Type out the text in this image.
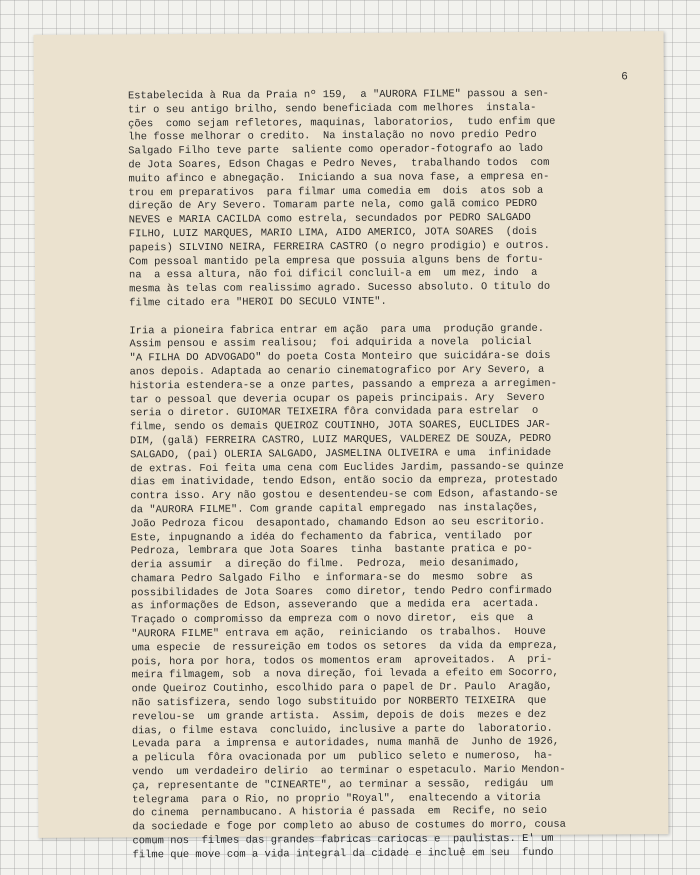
6
Estabelecida à Rua da Praia nº 159,  a "AURORA FILME" passou a sen-
tir o seu antigo brilho, sendo beneficiada com melhores  instala-
ções  como sejam refletores, maquinas, laboratorios,  tudo enfim que
lhe fosse melhorar o credito.  Na instalação no novo predio Pedro
Salgado Filho teve parte  saliente como operador-fotografo ao lado
de Jota Soares, Edson Chagas e Pedro Neves,  trabalhando todos  com
muito afinco e abnegação.  Iniciando a sua nova fase, a empresa en-
trou em preparativos  para filmar uma comedia em  dois  atos sob a
direção de Ary Severo. Tomaram parte nela, como galã comico PEDRO
NEVES e MARIA CACILDA como estrela, secundados por PEDRO SALGADO
FILHO, LUIZ MARQUES, MARIO LIMA, AIDO AMERICO, JOTA SOARES  (dois
papeis) SILVINO NEIRA, FERREIRA CASTRO (o negro prodigio) e outros.
Com pessoal mantido pela empresa que possuia alguns bens de fortu-
na  a essa altura, não foi dificil concluil-a em  um mez, indo  a
mesma às telas com realissimo agrado. Sucesso absoluto. O titulo do
filme citado era "HEROI DO SECULO VINTE".
Iria a pioneira fabrica entrar em ação  para uma  produção grande.
Assim pensou e assim realisou;  foi adquirida a novela  policial
"A FILHA DO ADVOGADO" do poeta Costa Monteiro que suicidára-se dois
anos depois. Adaptada ao cenario cinematografico por Ary Severo, a
historia estendera-se a onze partes, passando a empreza a arregimen-
tar o pessoal que deveria ocupar os papeis principais. Ary  Severo
seria o diretor. GUIOMAR TEIXEIRA fôra convidada para estrelar  o
filme, sendo os demais QUEIROZ COUTINHO, JOTA SOARES, EUCLIDES JAR-
DIM, (galã) FERREIRA CASTRO, LUIZ MARQUES, VALDEREZ DE SOUZA, PEDRO
SALGADO, (pai) OLERIA SALGADO, JASMELINA OLIVEIRA e uma  infinidade
de extras. Foi feita uma cena com Euclides Jardim, passando-se quinze
dias em inatividade, tendo Edson, então socio da empreza, protestado
contra isso. Ary não gostou e desentendeu-se com Edson, afastando-se
da "AURORA FILME". Com grande capital empregado  nas instalações,
João Pedroza ficou  desapontado, chamando Edson ao seu escritorio.
Este, inpugnando a idéa do fechamento da fabrica, ventilado  por
Pedroza, lembrara que Jota Soares  tinha  bastante pratica e po-
deria assumir  a direção do filme.  Pedroza,  meio desanimado,
chamara Pedro Salgado Filho  e informara-se do  mesmo  sobre  as
possibilidades de Jota Soares  como diretor, tendo Pedro confirmado
as informações de Edson, asseverando  que a medida era  acertada.
Traçado o compromisso da empreza com o novo diretor,  eis que  a
"AURORA FILME" entrava em ação,  reiniciando  os trabalhos.  Houve
uma especie  de ressureição em todos os setores  da vida da empreza,
pois, hora por hora, todos os momentos eram  aproveitados.  A  pri-
meira filmagem, sob  a nova direção, foi levada a efeito em Socorro,
onde Queiroz Coutinho, escolhido para o papel de Dr. Paulo  Aragão,
não satisfizera, sendo logo substituido por NORBERTO TEIXEIRA  que
revelou-se  um grande artista.  Assim, depois de dois  mezes e dez
dias, o filme estava  concluido, inclusive a parte do  laboratorio.
Levada para  a imprensa e autoridades, numa manhã de  Junho de 1926,
a pelicula  fôra ovacionada por um  publico seleto e numeroso,  ha-
vendo  um verdadeiro delirio  ao terminar o espetaculo. Mario Mendon-
ça, representante de "CINEARTE", ao terminar a sessão,  redigáu  um
telegrama  para o Rio, no proprio "Royal",  enaltecendo a vitoria
do cinema  pernambucano. A historia é passada  em  Recife, no seio
da sociedade e foge por completo ao abuso de costumes do morro, cousa
comum nos  filmes das grandes fabricas cariocas e  paulistas. E' um
filme que move com a vida integral da cidade e incluê em seu  fundo
